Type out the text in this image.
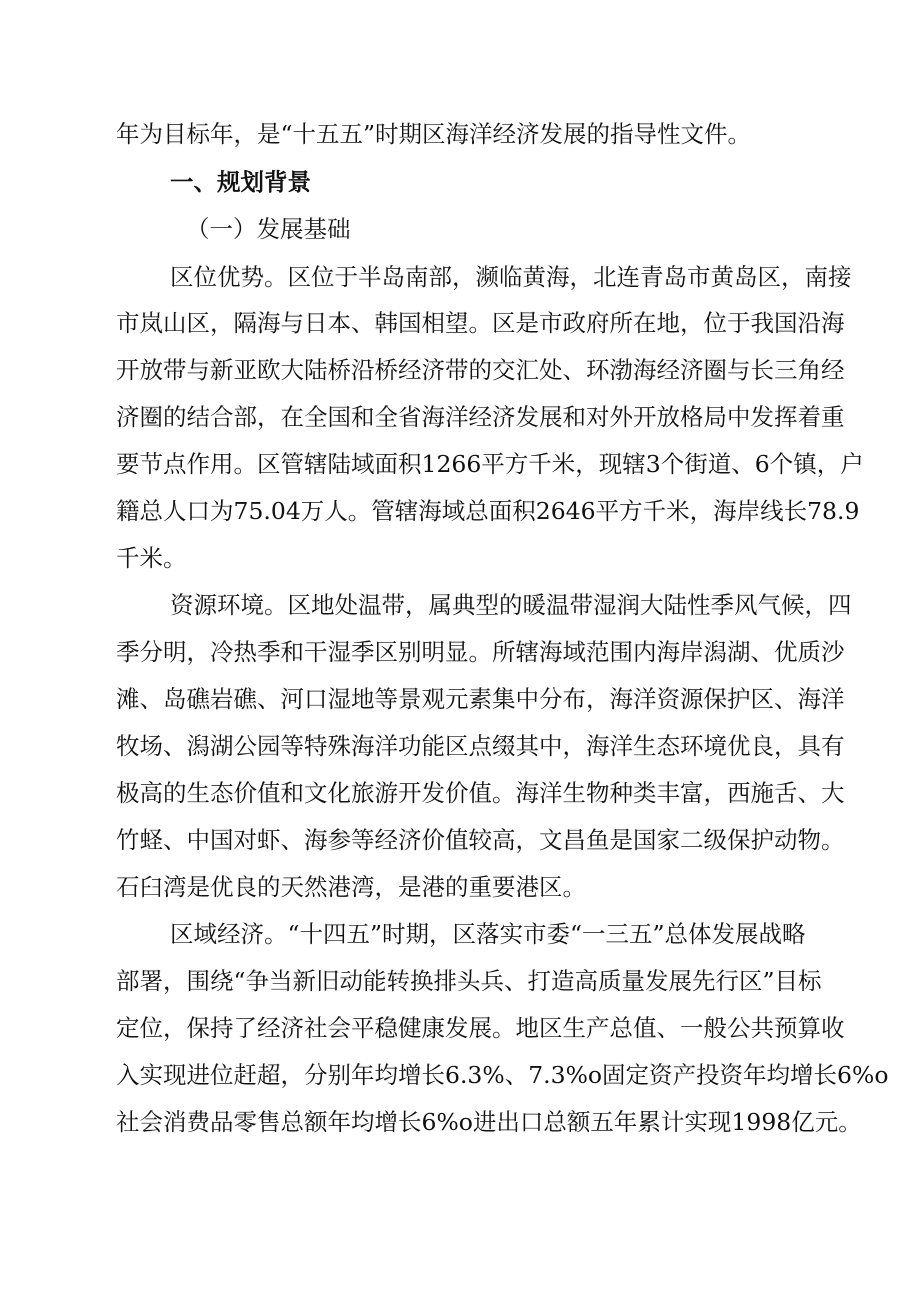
年为目标年，是“十五五”时期区海洋经济发展的指导性文件。
一、规划背景
（一）发展基础
区位优势。区位于半岛南部，濒临黄海，北连青岛市黄岛区，南接
市岚山区，隔海与日本、韩国相望。区是市政府所在地，位于我国沿海
开放带与新亚欧大陆桥沿桥经济带的交汇处、环渤海经济圈与长三角经
济圈的结合部，在全国和全省海洋经济发展和对外开放格局中发挥着重
要节点作用。区管辖陆域面积1266平方千米，现辖3个街道、6个镇，户
籍总人口为75.04万人。管辖海域总面积2646平方千米，海岸线长78.9
千米。
资源环境。区地处温带，属典型的暖温带湿润大陆性季风气候，四
季分明，冷热季和干湿季区别明显。所辖海域范围内海岸潟湖、优质沙
滩、岛礁岩礁、河口湿地等景观元素集中分布，海洋资源保护区、海洋
牧场、潟湖公园等特殊海洋功能区点缀其中，海洋生态环境优良，具有
极高的生态价值和文化旅游开发价值。海洋生物种类丰富，西施舌、大
竹蛏、中国对虾、海参等经济价值较高，文昌鱼是国家二级保护动物。
石臼湾是优良的天然港湾，是港的重要港区。
区域经济。“十四五”时期，区落实市委“一三五”总体发展战略
部署，围绕“争当新旧动能转换排头兵、打造高质量发展先行区”目标
定位，保持了经济社会平稳健康发展。地区生产总值、一般公共预算收
入实现进位赶超，分别年均增长6.3%、7.3%o固定资产投资年均增长6%o
社会消费品零售总额年均增长6%o进出口总额五年累计实现1998亿元。
